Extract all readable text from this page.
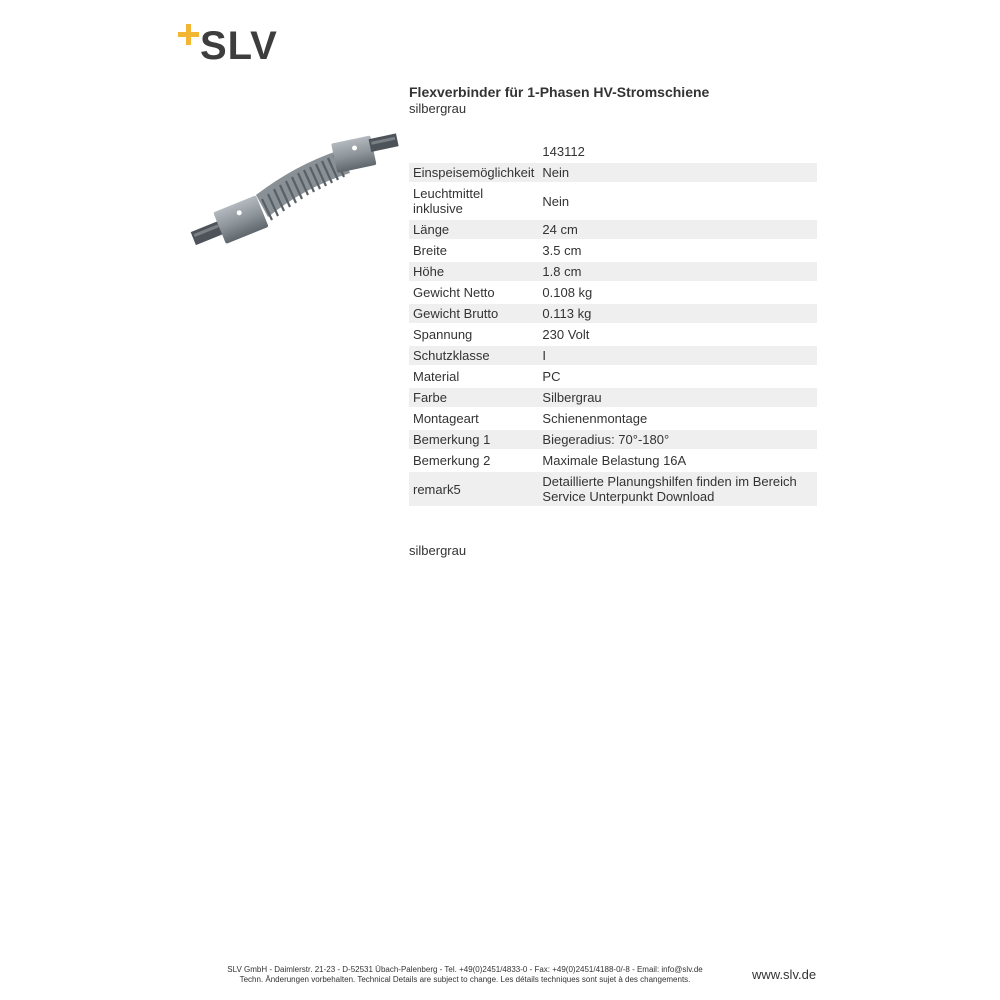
SLV
Flexverbinder für 1-Phasen HV-Stromschiene
silbergrau
		143112
Einspeisemöglichkeit		Nein
Leuchtmittel inklusive		Nein
Länge		24 cm
Breite		3.5 cm
Höhe		1.8 cm
Gewicht Netto		0.108 kg
Gewicht Brutto		0.113 kg
Spannung		230 Volt
Schutzklasse		I
Material		PC
Farbe		Silbergrau
Montageart		Schienenmontage
Bemerkung 1		Biegeradius: 70°-180°
Bemerkung 2		Maximale Belastung 16A
remark5		Detaillierte Planungshilfen finden im Bereich Service Unterpunkt Download
silbergrau
SLV GmbH - Daimlerstr. 21-23 - D-52531 Übach-Palenberg - Tel. +49(0)2451/4833-0 - Fax: +49(0)2451/4188-0/-8 - Email: info@slv.de
Techn. Änderungen vorbehalten. Technical Details are subject to change. Les détails techniques sont sujet à des changements.	www.slv.de
